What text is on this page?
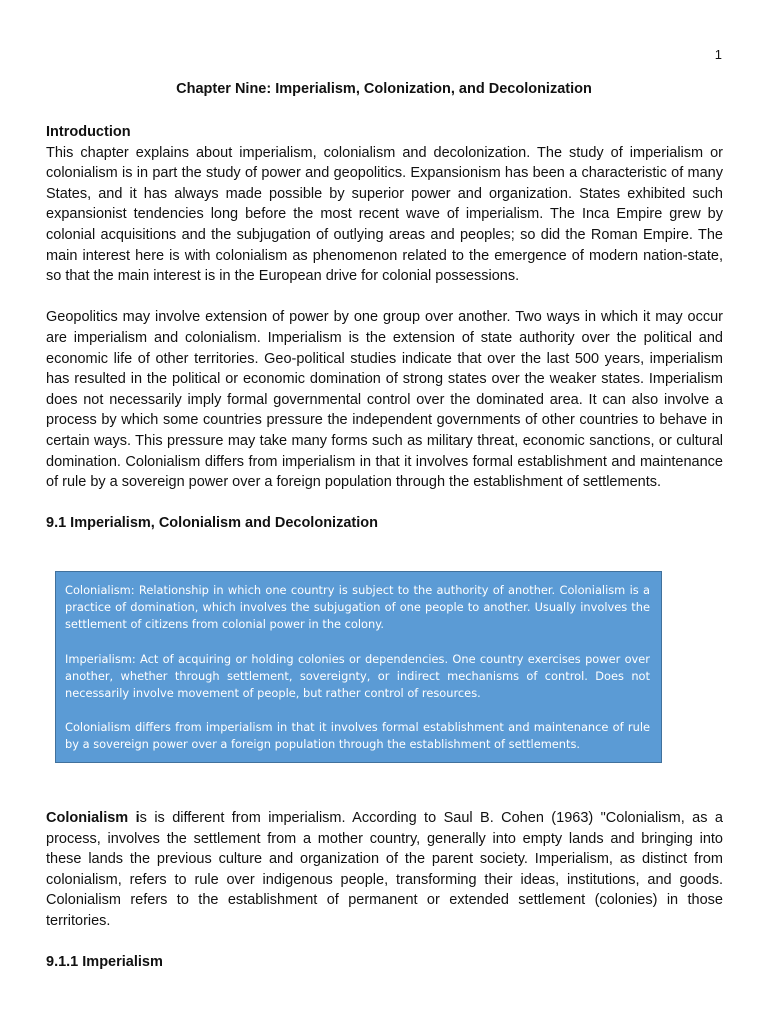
1
Chapter Nine: Imperialism, Colonization, and Decolonization
Introduction

This chapter explains about imperialism, colonialism and decolonization. The study of imperialism or colonialism is in part the study of power and geopolitics. Expansionism has been a characteristic of many States, and it has always made possible by superior power and organization. States exhibited such expansionist tendencies long before the most recent wave of imperialism. The Inca Empire grew by colonial acquisitions and the subjugation of outlying areas and peoples; so did the Roman Empire. The main interest here is with colonialism as phenomenon related to the emergence of modern nation-state, so that the main interest is in the European drive for colonial possessions.

Geopolitics may involve extension of power by one group over another. Two ways in which it may occur are imperialism and colonialism. Imperialism is the extension of state authority over the political and economic life of other territories. Geo-political studies indicate that over the last 500 years, imperialism has resulted in the political or economic domination of strong states over the weaker states. Imperialism does not necessarily imply formal governmental control over the dominated area. It can also involve a process by which some countries pressure the independent governments of other countries to behave in certain ways. This pressure may take many forms such as military threat, economic sanctions, or cultural domination. Colonialism differs from imperialism in that it involves formal establishment and maintenance of rule by a sovereign power over a foreign population through the establishment of settlements.

9.1 Imperialism, Colonialism and Decolonization

Colonialism: Relationship in which one country is subject to the authority of another. Colonialism is a practice of domination, which involves the subjugation of one people to another. Usually involves the settlement of citizens from colonial power in the colony.

Imperialism: Act of acquiring or holding colonies or dependencies. One country exercises power over another, whether through settlement, sovereignty, or indirect mechanisms of control. Does not necessarily involve movement of people, but rather control of resources.

Colonialism differs from imperialism in that it involves formal establishment and maintenance of rule by a sovereign power over a foreign population through the establishment of settlements.

Colonialism is is different from imperialism. According to Saul B. Cohen (1963) "Colonialism, as a process, involves the settlement from a mother country, generally into empty lands and bringing into these lands the previous culture and organization of the parent society. Imperialism, as distinct from colonialism, refers to rule over indigenous people, transforming their ideas, institutions, and goods. Colonialism refers to the establishment of permanent or extended settlement (colonies) in those territories.

9.1.1 Imperialism
